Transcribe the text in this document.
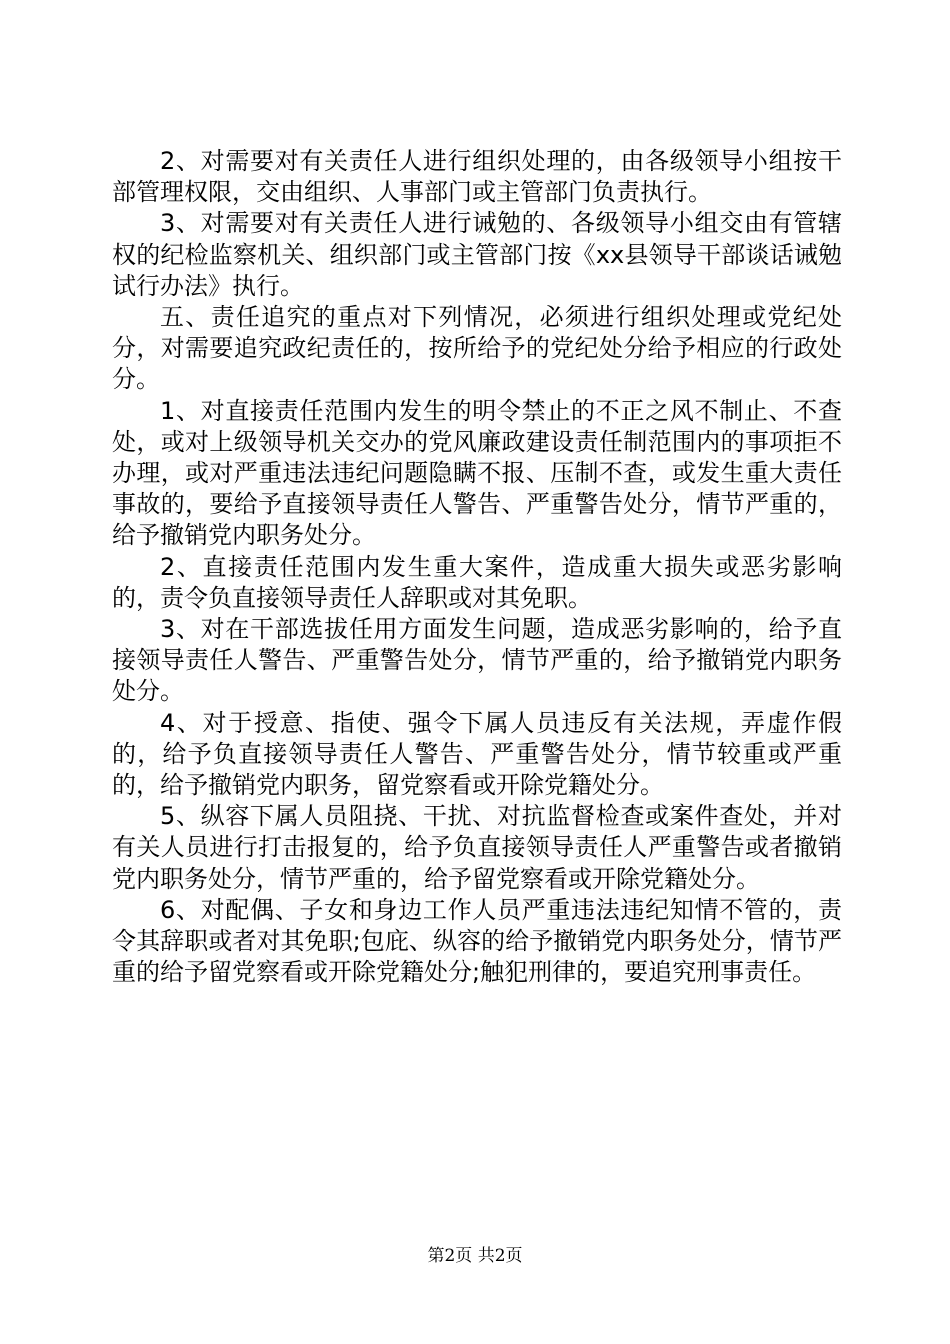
2、对需要对有关责任人进行组织处理的，由各级领导小组按干部管理权限，交由组织、人事部门或主管部门负责执行。

3、对需要对有关责任人进行诫勉的、各级领导小组交由有管辖权的纪检监察机关、组织部门或主管部门按《xx县领导干部谈话诫勉试行办法》执行。

五、责任追究的重点对下列情况，必须进行组织处理或党纪处分，对需要追究政纪责任的，按所给予的党纪处分给予相应的行政处分。

1、对直接责任范围内发生的明令禁止的不正之风不制止、不查处，或对上级领导机关交办的党风廉政建设责任制范围内的事项拒不办理，或对严重违法违纪问题隐瞒不报、压制不查，或发生重大责任事故的，要给予直接领导责任人警告、严重警告处分，情节严重的，给予撤销党内职务处分。

2、直接责任范围内发生重大案件，造成重大损失或恶劣影响的，责令负直接领导责任人辞职或对其免职。

3、对在干部选拔任用方面发生问题，造成恶劣影响的，给予直接领导责任人警告、严重警告处分，情节严重的，给予撤销党内职务处分。

4、对于授意、指使、强令下属人员违反有关法规，弄虚作假的，给予负直接领导责任人警告、严重警告处分，情节较重或严重的，给予撤销党内职务，留党察看或开除党籍处分。

5、纵容下属人员阻挠、干扰、对抗监督检查或案件查处，并对有关人员进行打击报复的，给予负直接领导责任人严重警告或者撤销党内职务处分，情节严重的，给予留党察看或开除党籍处分。

6、对配偶、子女和身边工作人员严重违法违纪知情不管的，责令其辞职或者对其免职;包庇、纵容的给予撤销党内职务处分，情节严重的给予留党察看或开除党籍处分;触犯刑律的，要追究刑事责任。

第2页 共2页
